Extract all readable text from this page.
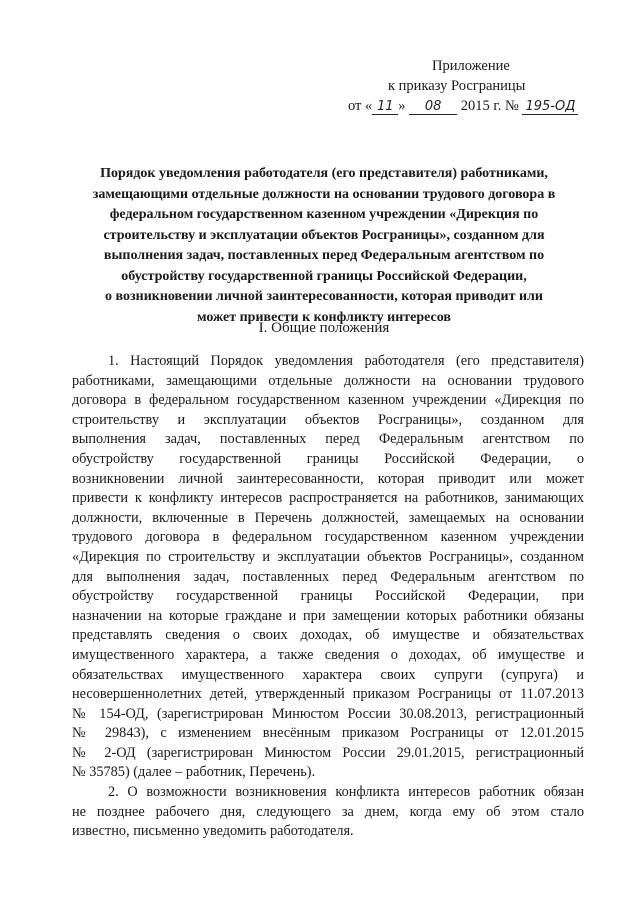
Приложение
к приказу Росграницы
от « 11 » 08 2015 г. № 195-ОД
Порядок уведомления работодателя (его представителя) работниками,
замещающими отдельные должности на основании трудового договора в
федеральном государственном казенном учреждении «Дирекция по
строительству и эксплуатации объектов Росграницы», созданном для
выполнения задач, поставленных перед Федеральным агентством по
обустройству государственной границы Российской Федерации,
о возникновении личной заинтересованности, которая приводит или
может привести к конфликту интересов
I. Общие положения
1. Настоящий Порядок уведомления работодателя (его представителя)
работниками, замещающими отдельные должности на основании трудового
договора в федеральном государственном казенном учреждении «Дирекция по
строительству и эксплуатации объектов Росграницы», созданном для
выполнения задач, поставленных перед Федеральным агентством по
обустройству государственной границы Российской Федерации, о
возникновении личной заинтересованности, которая приводит или может
привести к конфликту интересов распространяется на работников, занимающих
должности, включенные в Перечень должностей, замещаемых на основании
трудового договора в федеральном государственном казенном учреждении
«Дирекция по строительству и эксплуатации объектов Росграницы», созданном
для выполнения задач, поставленных перед Федеральным агентством по
обустройству государственной границы Российской Федерации, при
назначении на которые граждане и при замещении которых работники обязаны
представлять сведения о своих доходах, об имуществе и обязательствах
имущественного характера, а также сведения о доходах, об имуществе и
обязательствах имущественного характера своих супруги (супруга) и
несовершеннолетних детей, утвержденный приказом Росграницы от 11.07.2013
№ 154-ОД, (зарегистрирован Минюстом России 30.08.2013, регистрационный
№ 29843), с изменением внесённым приказом Росграницы от 12.01.2015
№ 2-ОД (зарегистрирован Минюстом России 29.01.2015, регистрационный
№ 35785) (далее – работник, Перечень).
2. О возможности возникновения конфликта интересов работник обязан
не позднее рабочего дня, следующего за днем, когда ему об этом стало
известно, письменно уведомить работодателя.
